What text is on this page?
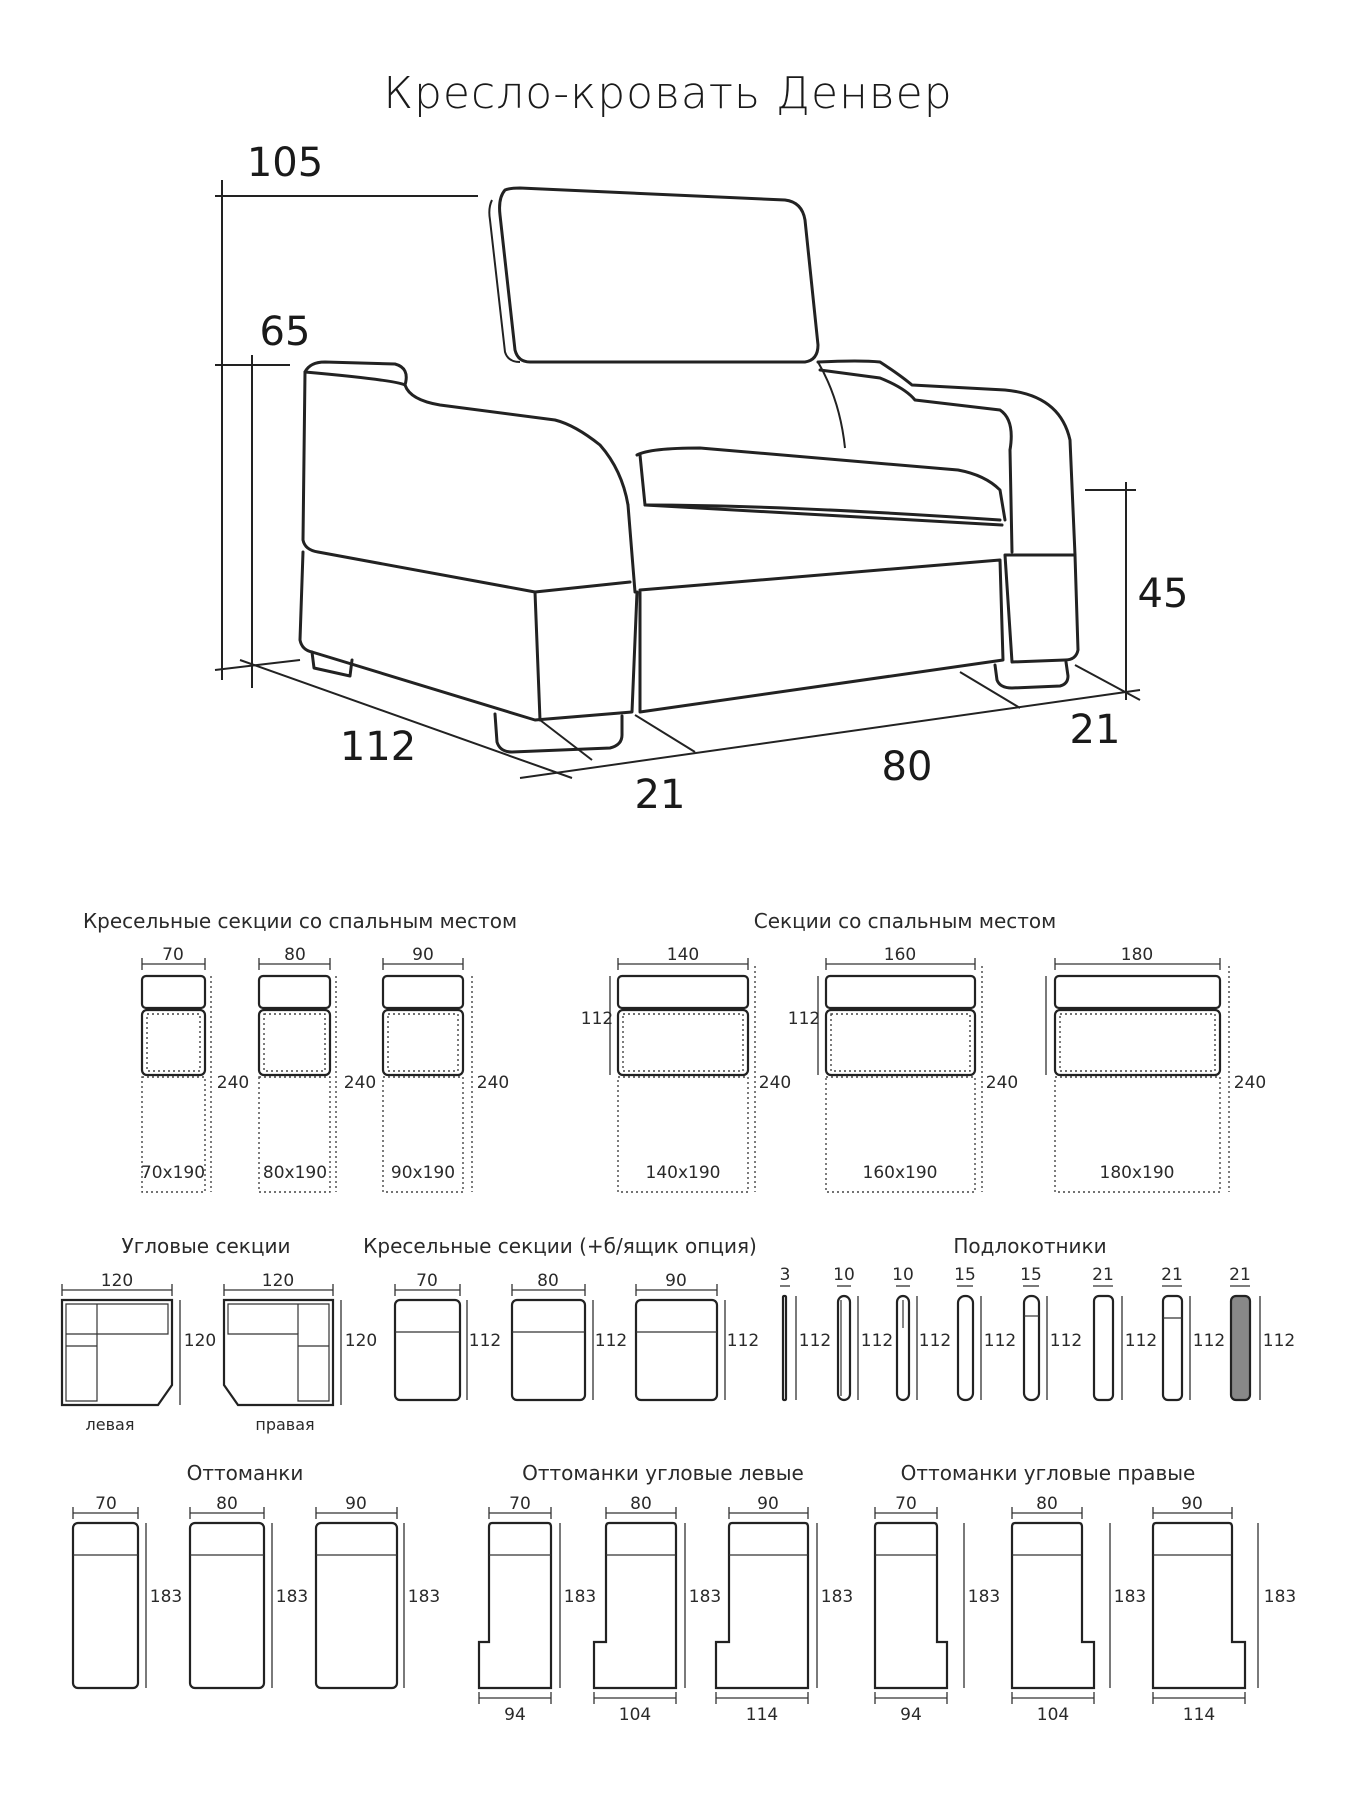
Кресло-кровать Денвер
105
65
45
112
21
80
21
Кресельные секции со спальным местом
70
240
70x190
80
240
80x190
90
240
90x190
Секции со спальным местом
140
112
240
140x190
160
112
240
160x190
180
240
180x190
Угловые секции
120
120
левая
120
120
правая
Кресельные секции (+б/ящик опция)
70
112
80
112
90
112
Подлокотники
3
112
10
112
10
112
15
112
15
112
21
112
21
112
21
112
Оттоманки
70
183
80
183
90
183
Оттоманки угловые левые
70
183
94
80
183
104
90
183
114
Оттоманки угловые правые
70
183
94
80
183
104
90
183
114
